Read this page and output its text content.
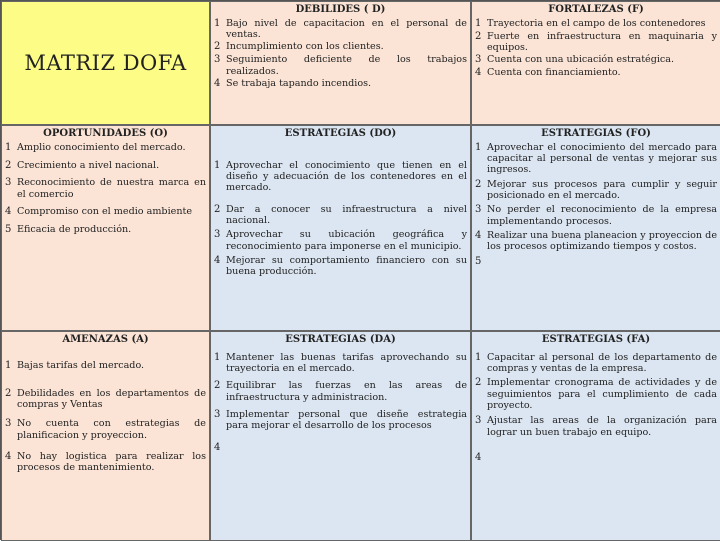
MATRIZ DOFA
DEBILIDES ( D)
1 Bajo nivel de capacitacion en el personal de ventas.
2 Incumplimiento con los clientes.
3 Seguimiento deficiente de los trabajos realizados.
4 Se trabaja tapando incendios.
FORTALEZAS (F)
1 Trayectoria en el campo de los contenedores
2 Fuerte en infraestructura en maquinaria y equipos.
3 Cuenta con una ubicación estratégica.
4 Cuenta con financiamiento.
OPORTUNIDADES (O)
1 Amplio conocimiento del mercado.
2 Crecimiento a nivel nacional.
3 Reconocimiento de nuestra marca en el comercio
4 Compromiso con el medio ambiente
5 Eficacia de producción.
ESTRATEGIAS (DO)
1 Aprovechar el conocimiento que tienen en el diseño y adecuación de los contenedores en el mercado.
2 Dar a conocer su infraestructura a nivel nacional.
3 Aprovechar su ubicación geográfica y reconocimiento para imponerse en el municipio.
4 Mejorar su comportamiento financiero con su buena producción.
ESTRATEGIAS (FO)
1 Aprovechar el conocimiento del mercado para capacitar al personal de ventas y mejorar sus ingresos.
2 Mejorar sus procesos para cumplir y seguir posicionado en el mercado.
3 No perder el reconocimiento de la empresa implementando procesos.
4 Realizar una buena planeacion y proyeccion de los procesos optimizando tiempos y costos.
5
AMENAZAS (A)
1 Bajas tarifas del mercado.
2 Debilidades en los departamentos de compras y Ventas
3 No cuenta con estrategias de planificacion y proyeccion.
4 No hay logistica para realizar los procesos de mantenimiento.
ESTRATEGIAS (DA)
1 Mantener las buenas tarifas aprovechando su trayectoria en el mercado.
2 Equilibrar las fuerzas en las areas de infraestructura y administracion.
3 Implementar personal que diseñe estrategia para mejorar el desarrollo de los procesos
4
ESTRATEGIAS (FA)
1 Capacitar al personal de los departamento de compras y ventas de la empresa.
2 Implementar cronograma de actividades y de seguimientos para el cumplimiento de cada proyecto.
3 Ajustar las areas de la organización para lograr un buen trabajo en equipo.
4
